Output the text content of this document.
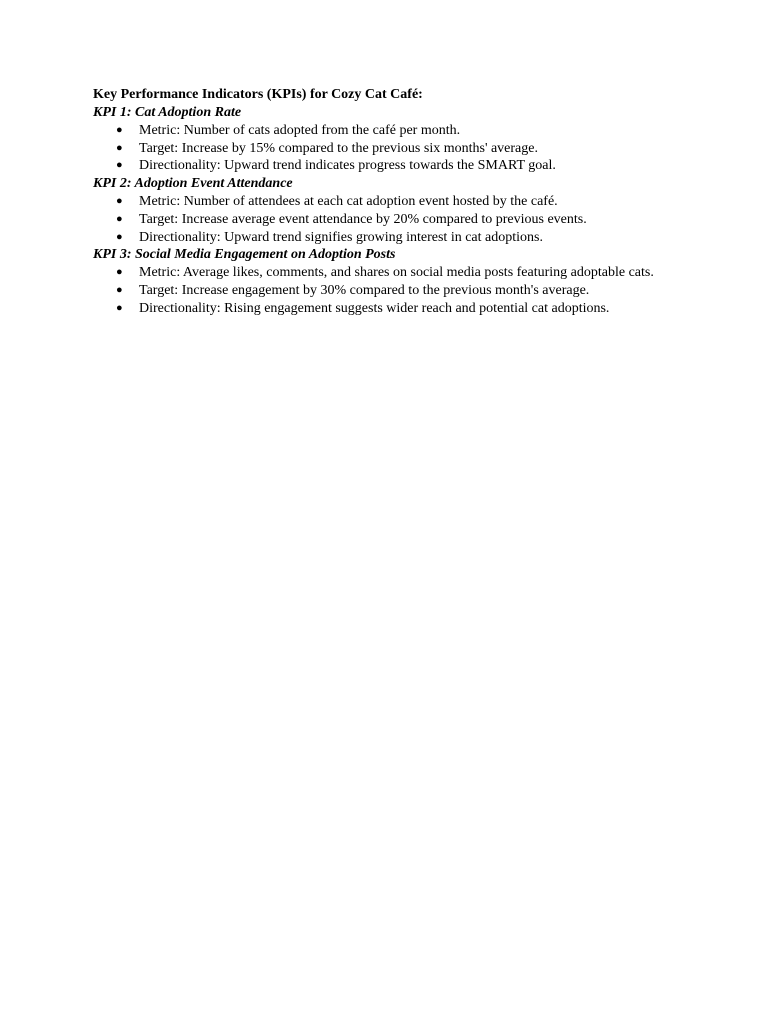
Key Performance Indicators (KPIs) for Cozy Cat Café:

KPI 1: Cat Adoption Rate

● Metric: Number of cats adopted from the café per month.
● Target: Increase by 15% compared to the previous six months' average.
● Directionality: Upward trend indicates progress towards the SMART goal.

KPI 2: Adoption Event Attendance

● Metric: Number of attendees at each cat adoption event hosted by the café.
● Target: Increase average event attendance by 20% compared to previous events.
● Directionality: Upward trend signifies growing interest in cat adoptions.

KPI 3: Social Media Engagement on Adoption Posts

● Metric: Average likes, comments, and shares on social media posts featuring adoptable cats.
● Target: Increase engagement by 30% compared to the previous month's average.
● Directionality: Rising engagement suggests wider reach and potential cat adoptions.
